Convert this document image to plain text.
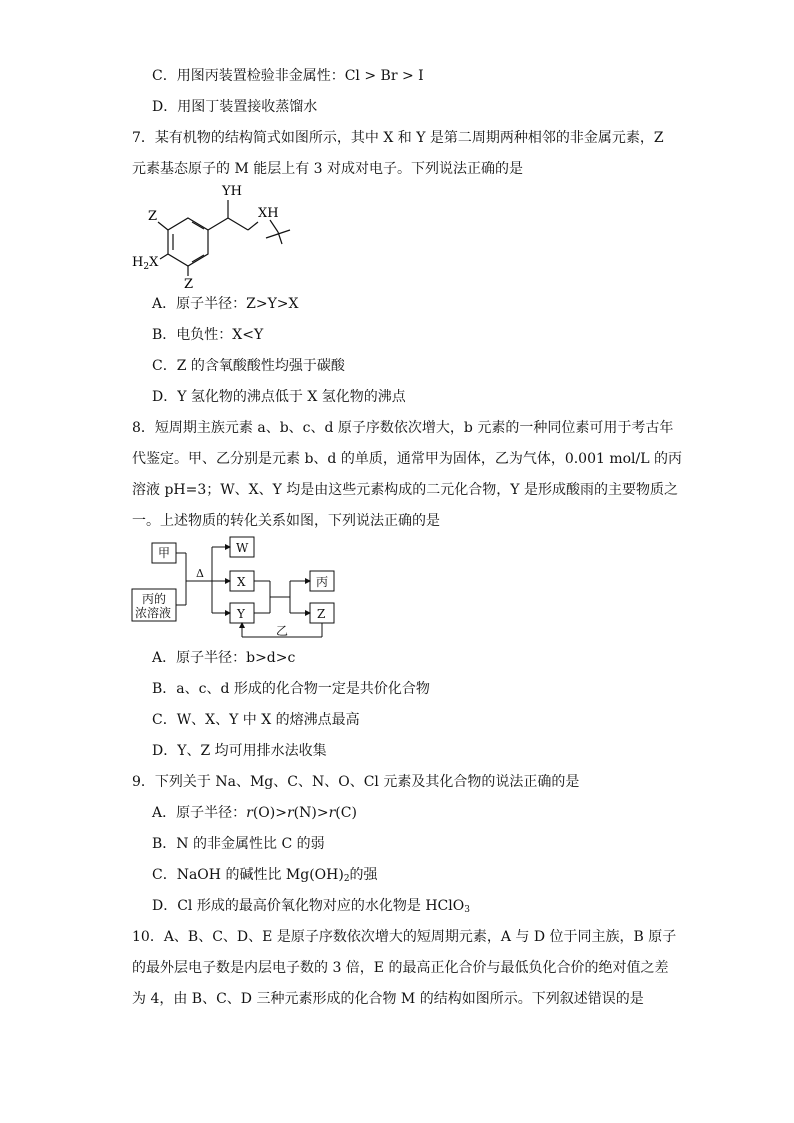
C．用图丙装置检验非金属性：Cl > Br > I
D．用图丁装置接收蒸馏水
7．某有机物的结构简式如图所示，其中 X 和 Y 是第二周期两种相邻的非金属元素，Z
元素基态原子的 M 能层上有 3 对成对电子。下列说法正确的是
YH
XH
Z
Z
$H_2X$
A．原子半径：Z>Y>X
B．电负性：X<Y
C．Z 的含氧酸酸性均强于碳酸
D．Y 氢化物的沸点低于 X 氢化物的沸点
8．短周期主族元素 a、b、c、d 原子序数依次增大，b 元素的一种同位素可用于考古年
代鉴定。甲、乙分别是元素 b、d 的单质，通常甲为固体，乙为气体，0.001 mol/L 的丙
溶液 pH=3；W、X、Y 均是由这些元素构成的二元化合物，Y 是形成酸雨的主要物质之
一。上述物质的转化关系如图，下列说法正确的是
甲
丙的
浓溶液
Δ
W
X
Y
丙
Z
乙
A．原子半径：b>d>c
B．a、c、d 形成的化合物一定是共价化合物
C．W、X、Y 中 X 的熔沸点最高
D．Y、Z 均可用排水法收集
9．下列关于 Na、Mg、C、N、O、Cl 元素及其化合物的说法正确的是
A．原子半径：r(O)>r(N)>r(C)
B．N 的非金属性比 C 的弱
C．NaOH 的碱性比 $Mg(OH)_2$的强
D．Cl 形成的最高价氧化物对应的水化物是 HClO$_3$
10．A、B、C、D、E 是原子序数依次增大的短周期元素，A 与 D 位于同主族，B 原子
的最外层电子数是内层电子数的 3 倍，E 的最高正化合价与最低负化合价的绝对值之差
为 4，由 B、C、D 三种元素形成的化合物 M 的结构如图所示。下列叙述错误的是
